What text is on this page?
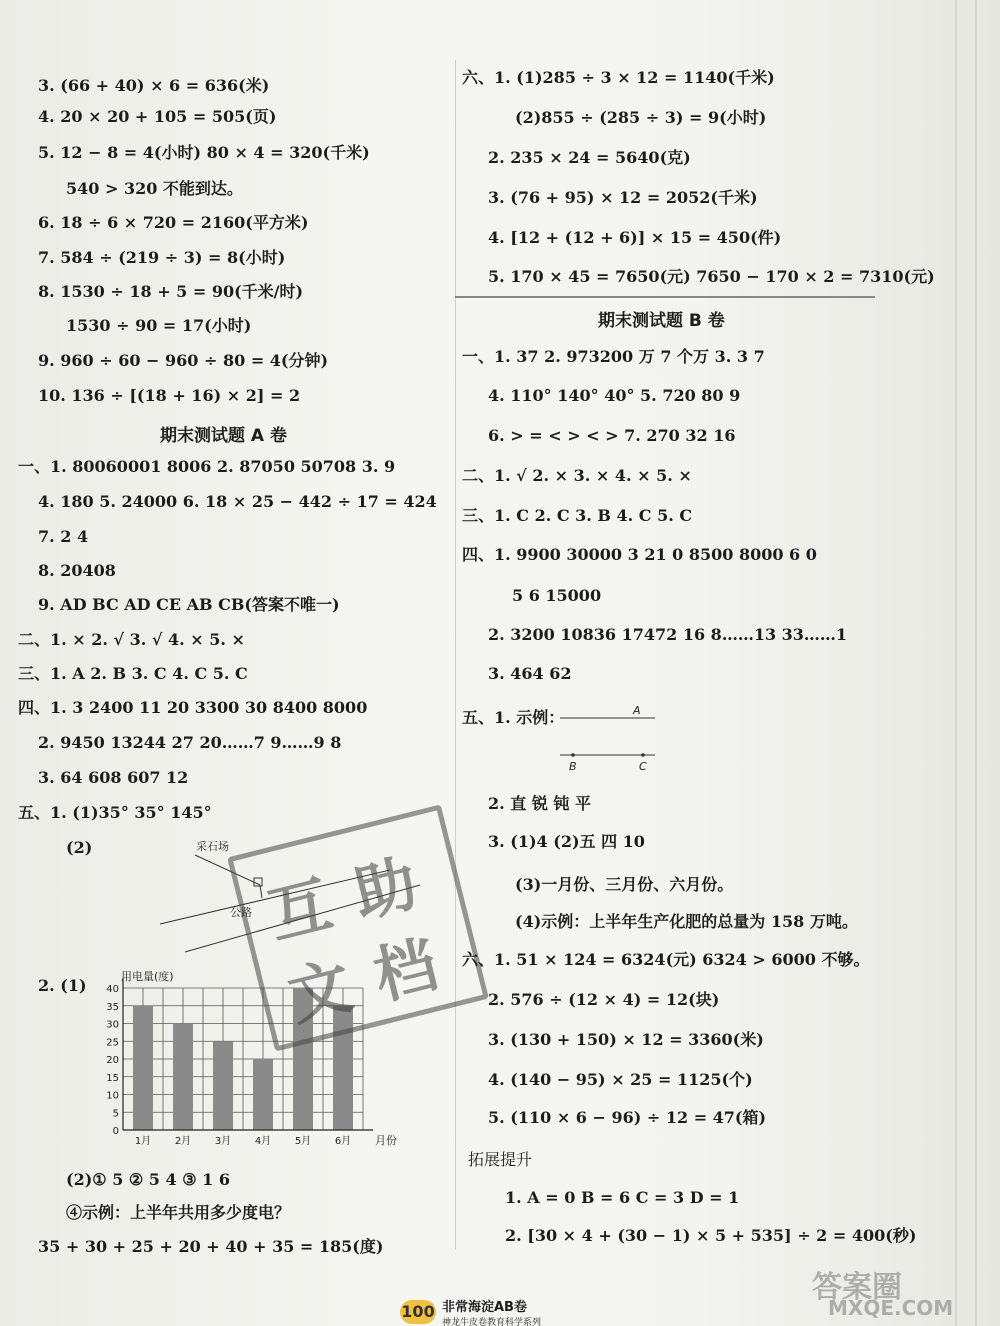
3. (66 + 40) × 6 = 636(米)
4. 20 × 20 + 105 = 505(页)
5. 12 − 8 = 4(小时) 80 × 4 = 320(千米)
540 > 320 不能到达。
6. 18 ÷ 6 × 720 = 2160(平方米)
7. 584 ÷ (219 ÷ 3) = 8(小时)
8. 1530 ÷ 18 + 5 = 90(千米/时)
1530 ÷ 90 = 17(小时)
9. 960 ÷ 60 − 960 ÷ 80 = 4(分钟)
10. 136 ÷ [(18 + 16) × 2] = 2
期末测试题 A 卷
一、1. 80060001 8006 2. 87050 50708 3. 9
4. 180 5. 24000 6. 18 × 25 − 442 ÷ 17 = 424
7. 2 4
8. 20408
9. AD BC AD CE AB CB(答案不唯一)
二、1. × 2. √ 3. √ 4. × 5. ×
三、1. A 2. B 3. C 4. C 5. C
四、1. 3 2400 11 20 3300 30 8400 8000
2. 9450 13244 27 20……7 9……9 8
3. 64 608 607 12
五、1. (1)35° 35° 145°
(2)	采石场
公路
2. (1)
5
10
15
20
25
30
35
40
1月 2月 3月 4月 5月 6月
用电量(度)
月份
0
(2)① 5 ② 5 4 ③ 1 6
④示例：上半年共用多少度电？
35 + 30 + 25 + 20 + 40 + 35 = 185(度)
互 助
文 档
六、1. (1)285 ÷ 3 × 12 = 1140(千米)
(2)855 ÷ (285 ÷ 3) = 9(小时)
2. 235 × 24 = 5640(克)
3. (76 + 95) × 12 = 2052(千米)
4. [12 + (12 + 6)] × 15 = 450(件)
5. 170 × 45 = 7650(元) 7650 − 170 × 2 = 7310(元)
期末测试题 B 卷
一、1. 37 2. 973200 万 7 个万 3. 3 7
4. 110° 140° 40° 5. 720 80 9
6. > = < > < > 7. 270 32 16
二、1. √ 2. × 3. × 4. × 5. ×
三、1. C 2. C 3. B 4. C 5. C
四、1. 9900 30000 3 21 0 8500 8000 6 0
5 6 15000
2. 3200 10836 17472 16 8……13 33……1
3. 464 62
五、1. 示例：	A
B	C
2. 直 锐 钝 平
3. (1)4 (2)五 四 10
(3)一月份、三月份、六月份。
(4)示例：上半年生产化肥的总量为 158 万吨。
六、1. 51 × 124 = 6324(元) 6324 > 6000 不够。
2. 576 ÷ (12 × 4) = 12(块)
3. (130 + 150) × 12 = 3360(米)
4. (140 − 95) × 25 = 1125(个)
5. (110 × 6 − 96) ÷ 12 = 47(箱)
拓展提升
1. A = 0 B = 6 C = 3 D = 1
2. [30 × 4 + (30 − 1) × 5 + 535] ÷ 2 = 400(秒)
100 非常海淀AB卷
神龙牛皮卷教育科学系列
答案圈
MXQE.COM
